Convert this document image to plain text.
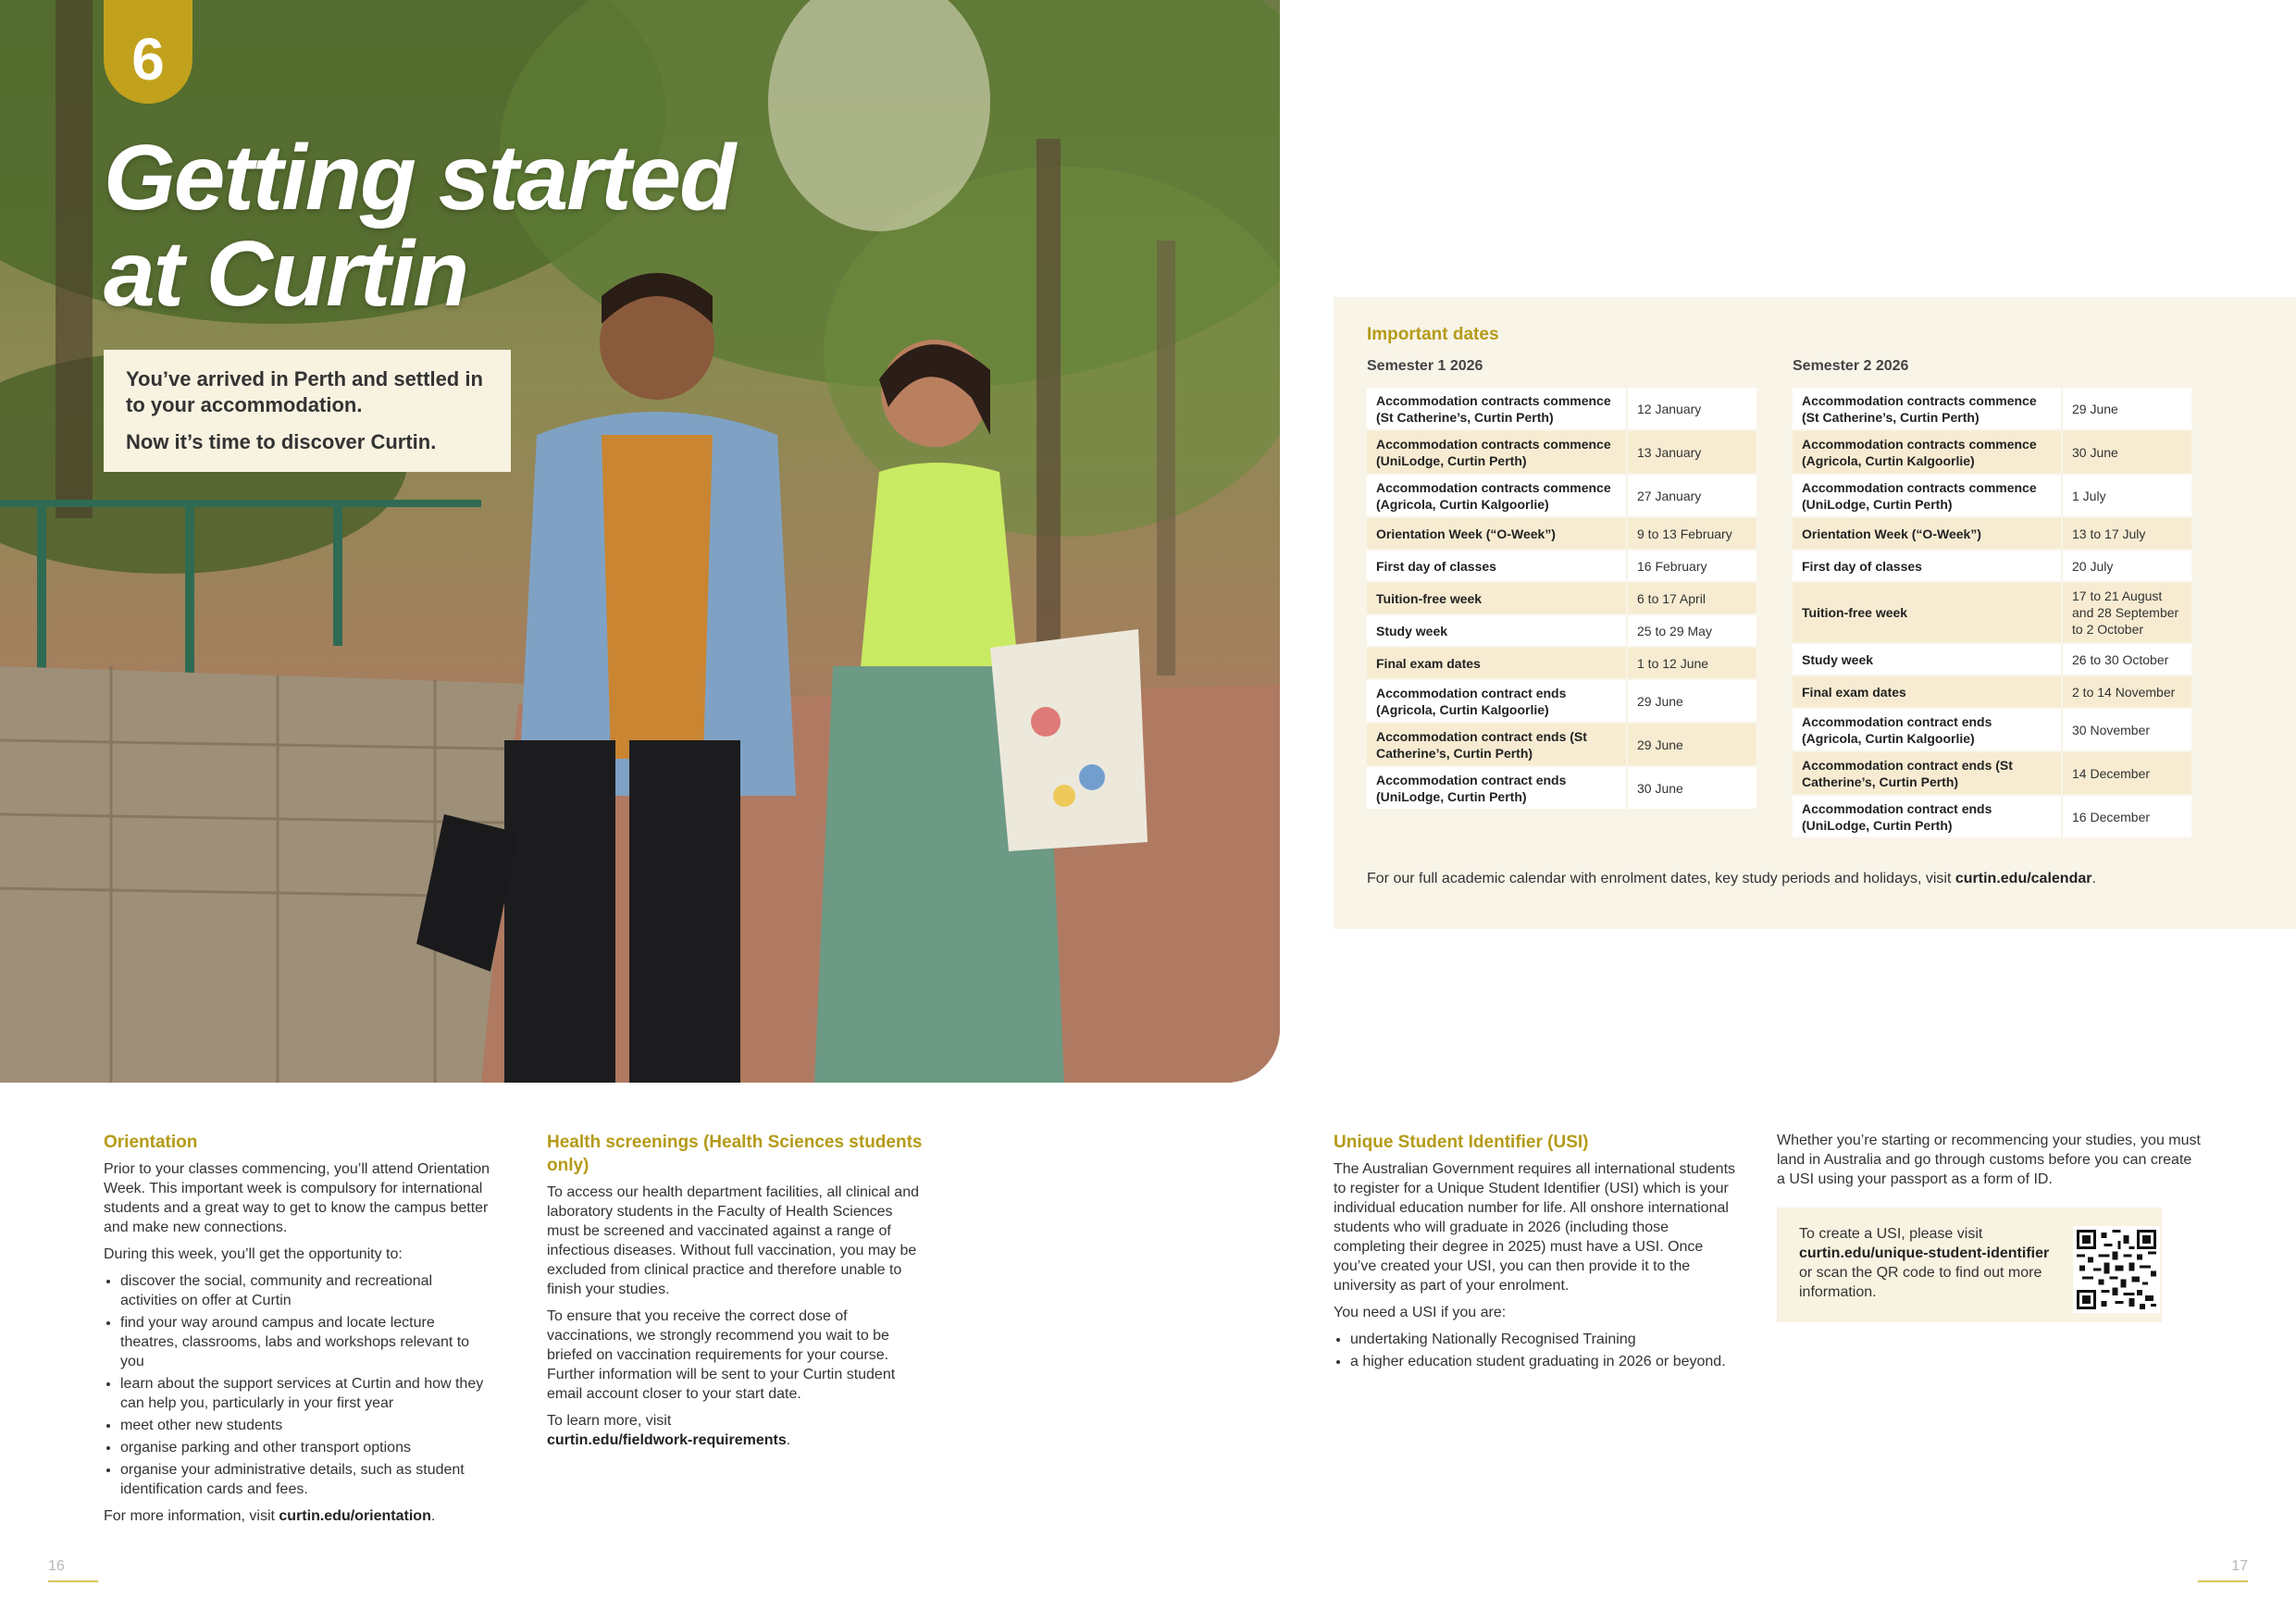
6
Getting started
at Curtin

You’ve arrived in Perth and settled in to your accommodation.

Now it’s time to discover Curtin.

Important dates
Semester 1 2026	Semester 2 2026
Accommodation contracts commence (St Catherine’s, Curtin Perth)	12 January
Accommodation contracts commence (UniLodge, Curtin Perth)	13 January
Accommodation contracts commence (Agricola, Curtin Kalgoorlie)	27 January
Orientation Week (“O-Week”)	9 to 13 February
First day of classes	16 February
Tuition-free week	6 to 17 April
Study week	25 to 29 May
Final exam dates	1 to 12 June
Accommodation contract ends (Agricola, Curtin Kalgoorlie)	29 June
Accommodation contract ends (St Catherine’s, Curtin Perth)	29 June
Accommodation contract ends (UniLodge, Curtin Perth)	30 June
Accommodation contracts commence (St Catherine’s, Curtin Perth)	29 June
Accommodation contracts commence (Agricola, Curtin Kalgoorlie)	30 June
Accommodation contracts commence (UniLodge, Curtin Perth)	1 July
Orientation Week (“O-Week”)	13 to 17 July
First day of classes	20 July
Tuition-free week	17 to 21 August and 28 September to 2 October
Study week	26 to 30 October
Final exam dates	2 to 14 November
Accommodation contract ends (Agricola, Curtin Kalgoorlie)	30 November
Accommodation contract ends (St Catherine’s, Curtin Perth)	14 December
Accommodation contract ends (UniLodge, Curtin Perth)	16 December

For our full academic calendar with enrolment dates, key study periods and holidays, visit curtin.edu/calendar.

Orientation

Prior to your classes commencing, you’ll attend Orientation Week. This important week is compulsory for international students and a great way to get to know the campus better and make new connections.

During this week, you’ll get the opportunity to:

• discover the social, community and recreational activities on offer at Curtin
• find your way around campus and locate lecture theatres, classrooms, labs and workshops relevant to you
• learn about the support services at Curtin and how they can help you, particularly in your first year
• meet other new students
• organise parking and other transport options
• organise your administrative details, such as student identification cards and fees.

For more information, visit curtin.edu/orientation.

Health screenings (Health Sciences students only)

To access our health department facilities, all clinical and laboratory students in the Faculty of Health Sciences must be screened and vaccinated against a range of infectious diseases. Without full vaccination, you may be excluded from clinical practice and therefore unable to finish your studies.

To ensure that you receive the correct dose of vaccinations, we strongly recommend you wait to be briefed on vaccination requirements for your course. Further information will be sent to your Curtin student email account closer to your start date.

To learn more, visit
curtin.edu/fieldwork-requirements.

Unique Student Identifier (USI)

The Australian Government requires all international students to register for a Unique Student Identifier (USI) which is your individual education number for life. All onshore international students who will graduate in 2026 (including those completing their degree in 2025) must have a USI. Once you’ve created your USI, you can then provide it to the university as part of your enrolment.

You need a USI if you are:

• undertaking Nationally Recognised Training
• a higher education student graduating in 2026 or beyond.

Whether you’re starting or recommencing your studies, you must land in Australia and go through customs before you can create a USI using your passport as a form of ID.

To create a USI, please visit
curtin.edu/unique-student-identifier
or scan the QR code to find out more information.

16	17
